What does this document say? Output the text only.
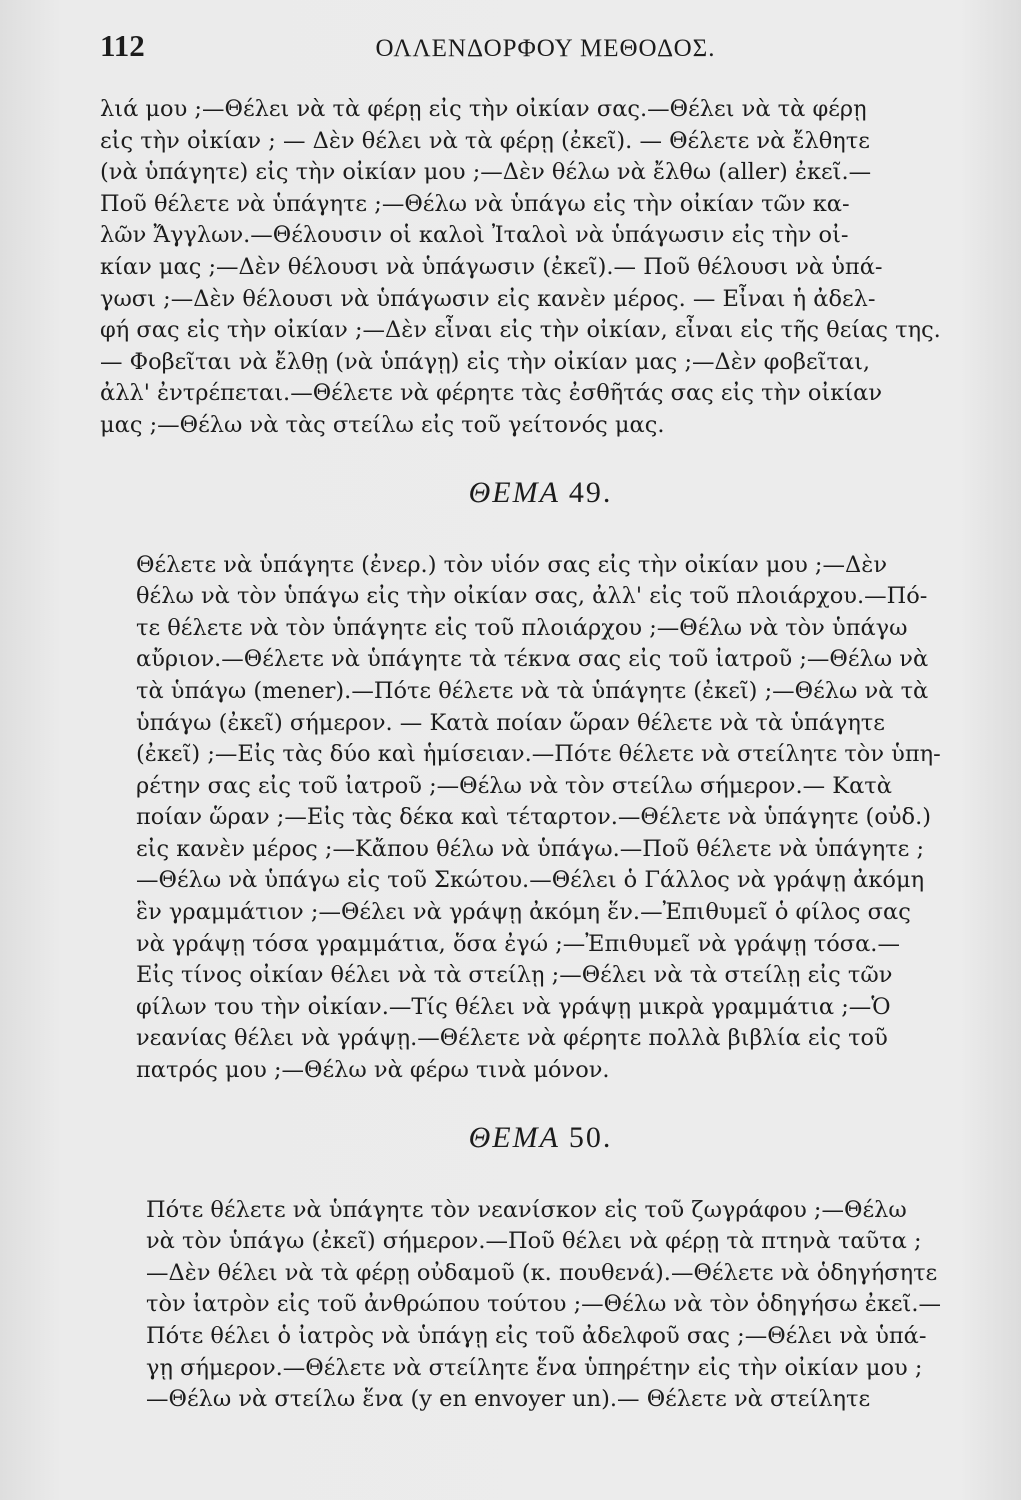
112	ΟΛΛΕΝΔΟΡΦΟΥ ΜΕΘΟΔΟΣ.

λιά μου ;—Θέλει νὰ τὰ φέρῃ εἰς τὴν οἰκίαν σας.—Θέλει νὰ τὰ φέρῃ
εἰς τὴν οἰκίαν ; — Δὲν θέλει νὰ τὰ φέρῃ (ἐκεῖ). — Θέλετε νὰ ἔλθητε
(νὰ ὑπάγητε) εἰς τὴν οἰκίαν μου ;—Δὲν θέλω νὰ ἔλθω (aller) ἐκεῖ.—
Ποῦ θέλετε νὰ ὑπάγητε ;—Θέλω νὰ ὑπάγω εἰς τὴν οἰκίαν τῶν κα-
λῶν Ἄγγλων.—Θέλουσιν οἱ καλοὶ Ἰταλοὶ νὰ ὑπάγωσιν εἰς τὴν οἰ-
κίαν μας ;—Δὲν θέλουσι νὰ ὑπάγωσιν (ἐκεῖ).— Ποῦ θέλουσι νὰ ὑπά-
γωσι ;—Δὲν θέλουσι νὰ ὑπάγωσιν εἰς κανὲν μέρος. — Εἶναι ἡ ἀδελ-
φή σας εἰς τὴν οἰκίαν ;—Δὲν εἶναι εἰς τὴν οἰκίαν, εἶναι εἰς τῆς θείας της.
— Φοβεῖται νὰ ἔλθῃ (νὰ ὑπάγῃ) εἰς τὴν οἰκίαν μας ;—Δὲν φοβεῖται,
ἀλλ' ἐντρέπεται.—Θέλετε νὰ φέρητε τὰς ἐσθῆτάς σας εἰς τὴν οἰκίαν
μας ;—Θέλω νὰ τὰς στείλω εἰς τοῦ γείτονός μας.

ΘΕΜΑ 49.

Θέλετε νὰ ὑπάγητε (ἐνερ.) τὸν υἱόν σας εἰς τὴν οἰκίαν μου ;—Δὲν
θέλω νὰ τὸν ὑπάγω εἰς τὴν οἰκίαν σας, ἀλλ' εἰς τοῦ πλοιάρχου.—Πό-
τε θέλετε νὰ τὸν ὑπάγητε εἰς τοῦ πλοιάρχου ;—Θέλω νὰ τὸν ὑπάγω
αὔριον.—Θέλετε νὰ ὑπάγητε τὰ τέκνα σας εἰς τοῦ ἰατροῦ ;—Θέλω νὰ
τὰ ὑπάγω (mener).—Πότε θέλετε νὰ τὰ ὑπάγητε (ἐκεῖ) ;—Θέλω νὰ τὰ
ὑπάγω (ἐκεῖ) σήμερον. — Κατὰ ποίαν ὥραν θέλετε νὰ τὰ ὑπάγητε
(ἐκεῖ) ;—Εἰς τὰς δύο καὶ ἡμίσειαν.—Πότε θέλετε νὰ στείλητε τὸν ὑπη-
ρέτην σας εἰς τοῦ ἰατροῦ ;—Θέλω νὰ τὸν στείλω σήμερον.— Κατὰ
ποίαν ὥραν ;—Εἰς τὰς δέκα καὶ τέταρτον.—Θέλετε νὰ ὑπάγητε (οὐδ.)
εἰς κανὲν μέρος ;—Κἄπου θέλω νὰ ὑπάγω.—Ποῦ θέλετε νὰ ὑπάγητε ;
—Θέλω νὰ ὑπάγω εἰς τοῦ Σκώτου.—Θέλει ὁ Γάλλος νὰ γράψῃ ἀκόμη
ἓν γραμμάτιον ;—Θέλει νὰ γράψῃ ἀκόμη ἕν.—Ἐπιθυμεῖ ὁ φίλος σας
νὰ γράψῃ τόσα γραμμάτια, ὅσα ἐγώ ;—Ἐπιθυμεῖ νὰ γράψῃ τόσα.—
Εἰς τίνος οἰκίαν θέλει νὰ τὰ στείλῃ ;—Θέλει νὰ τὰ στείλῃ εἰς τῶν
φίλων του τὴν οἰκίαν.—Τίς θέλει νὰ γράψῃ μικρὰ γραμμάτια ;—Ὁ
νεανίας θέλει νὰ γράψῃ.—Θέλετε νὰ φέρητε πολλὰ βιβλία εἰς τοῦ
πατρός μου ;—Θέλω νὰ φέρω τινὰ μόνον.

ΘΕΜΑ 50.

Πότε θέλετε νὰ ὑπάγητε τὸν νεανίσκον εἰς τοῦ ζωγράφου ;—Θέλω
νὰ τὸν ὑπάγω (ἐκεῖ) σήμερον.—Ποῦ θέλει νὰ φέρῃ τὰ πτηνὰ ταῦτα ;
—Δὲν θέλει νὰ τὰ φέρῃ οὐδαμοῦ (κ. πουθενά).—Θέλετε νὰ ὁδηγήσητε
τὸν ἰατρὸν εἰς τοῦ ἀνθρώπου τούτου ;—Θέλω νὰ τὸν ὁδηγήσω ἐκεῖ.—
Πότε θέλει ὁ ἰατρὸς νὰ ὑπάγῃ εἰς τοῦ ἀδελφοῦ σας ;—Θέλει νὰ ὑπά-
γῃ σήμερον.—Θέλετε νὰ στείλητε ἕνα ὑπηρέτην εἰς τὴν οἰκίαν μου ;
—Θέλω νὰ στείλω ἕνα (y en envoyer un).— Θέλετε νὰ στείλητε
